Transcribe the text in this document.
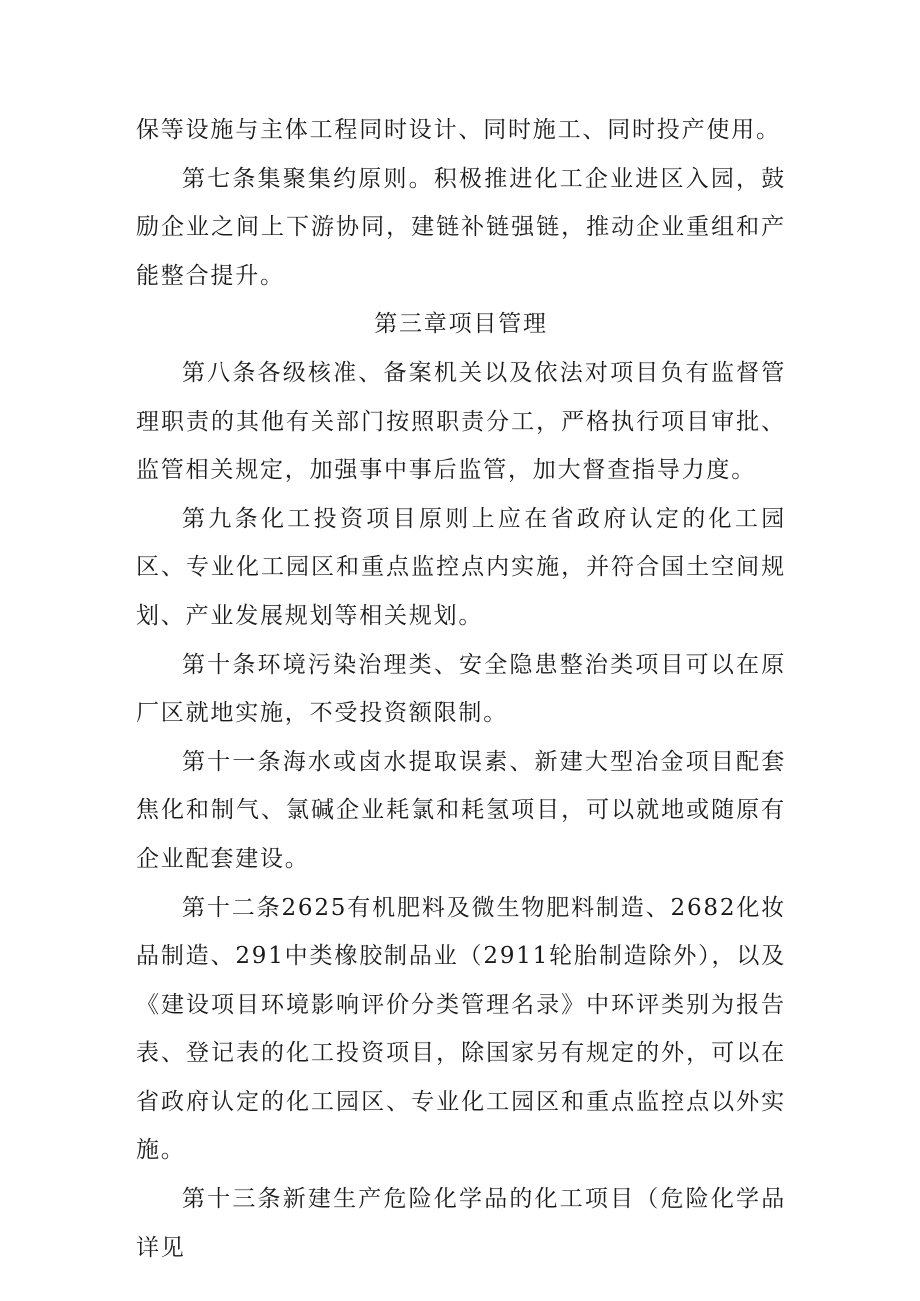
保等设施与主体工程同时设计、同时施工、同时投产使用。

第七条集聚集约原则。积极推进化工企业进区入园，鼓励企业之间上下游协同，建链补链强链，推动企业重组和产能整合提升。

第三章项目管理

第八条各级核准、备案机关以及依法对项目负有监督管理职责的其他有关部门按照职责分工，严格执行项目审批、监管相关规定，加强事中事后监管，加大督查指导力度。

第九条化工投资项目原则上应在省政府认定的化工园区、专业化工园区和重点监控点内实施，并符合国土空间规划、产业发展规划等相关规划。

第十条环境污染治理类、安全隐患整治类项目可以在原厂区就地实施，不受投资额限制。

第十一条海水或卤水提取误素、新建大型冶金项目配套焦化和制气、氯碱企业耗氯和耗氢项目，可以就地或随原有企业配套建设。

第十二条2625有机肥料及微生物肥料制造、2682化妆品制造、291中类橡胶制品业（2911轮胎制造除外），以及《建设项目环境影响评价分类管理名录》中环评类别为报告表、登记表的化工投资项目，除国家另有规定的外，可以在省政府认定的化工园区、专业化工园区和重点监控点以外实施。

第十三条新建生产危险化学品的化工项目（危险化学品详见
